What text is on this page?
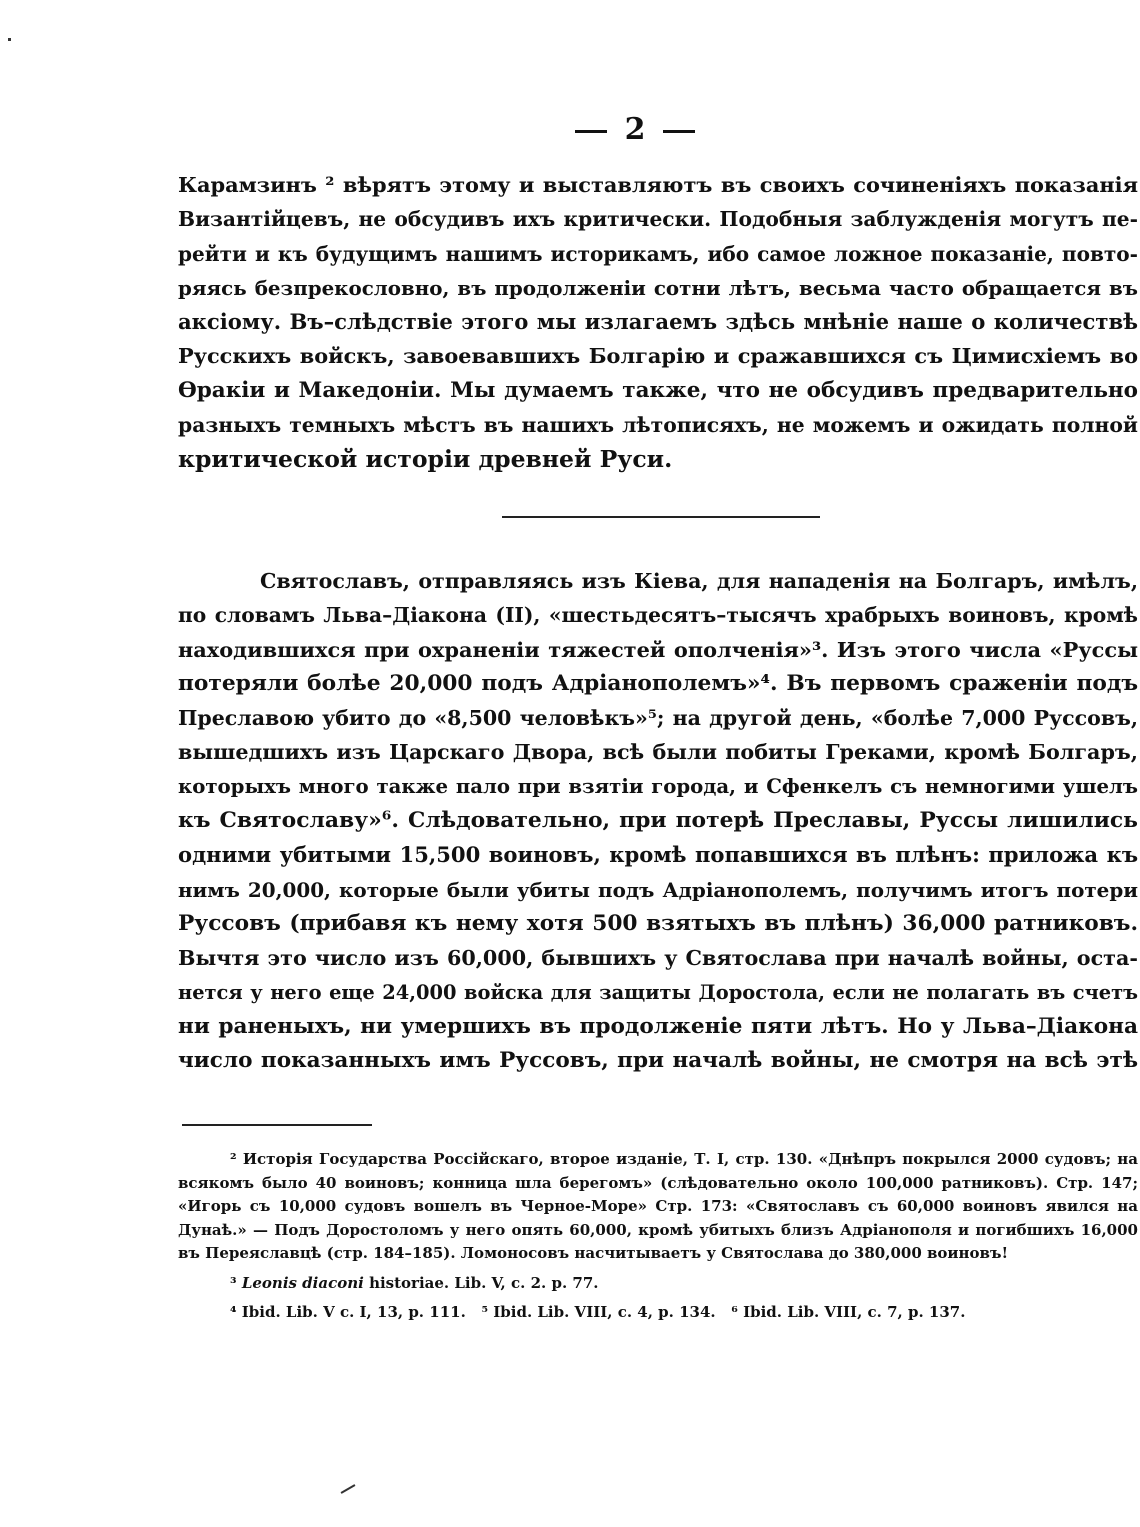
2
Карамзинъ ² вѣрятъ этому и выставляютъ въ своихъ сочиненіяхъ показанія
Византійцевъ, не обсудивъ ихъ критически. Подобныя заблужденія могутъ пе-
рейти и къ будущимъ нашимъ историкамъ, ибо самое ложное показаніе, повто-
ряясь безпрекословно, въ продолженіи сотни лѣтъ, весьма часто обращается въ
аксіому. Въ–слѣдствіе этого мы излагаемъ здѣсь мнѣніе наше о количествѣ
Русскихъ войскъ, завоевавшихъ Болгарію и сражавшихся съ Цимисхіемъ во
Ѳракіи и Македоніи. Мы думаемъ также, что не обсудивъ предварительно
разныхъ темныхъ мѣстъ въ нашихъ лѣтописяхъ, не можемъ и ожидать полной
критической исторіи древней Руси.
Святославъ, отправляясь изъ Кіева, для нападенія на Болгаръ, имѣлъ,
по словамъ Льва–Діакона (II), «шестьдесятъ–тысячъ храбрыхъ воиновъ, кромѣ
находившихся при охраненіи тяжестей ополченія»³. Изъ этого числа «Руссы
потеряли болѣе 20,000 подъ Адріанополемъ»⁴. Въ первомъ сраженіи подъ
Преславою убито до «8,500 человѣкъ»⁵; на другой день, «болѣе 7,000 Руссовъ,
вышедшихъ изъ Царскаго Двора, всѣ были побиты Греками, кромѣ Болгаръ,
которыхъ много также пало при взятіи города, и Сфенкелъ съ немногими ушелъ
къ Святославу»⁶. Слѣдовательно, при потерѣ Преславы, Руссы лишились
одними убитыми 15,500 воиновъ, кромѣ попавшихся въ плѣнъ: приложа къ
нимъ 20,000, которые были убиты подъ Адріанополемъ, получимъ итогъ потери
Руссовъ (прибавя къ нему хотя 500 взятыхъ въ плѣнъ) 36,000 ратниковъ.
Вычтя это число изъ 60,000, бывшихъ у Святослава при началѣ войны, оста-
нется у него еще 24,000 войска для защиты Доростола, если не полагать въ счетъ
ни раненыхъ, ни умершихъ въ продолженіе пяти лѣтъ. Но у Льва–Діакона
число показанныхъ имъ Руссовъ, при началѣ войны, не смотря на всѣ этѣ
² Исторія Государства Россійскаго, второе изданіе, Т. I, стр. 130. «Днѣпръ покрылся 2000 судовъ; на
всякомъ было 40 воиновъ; конница шла берегомъ» (слѣдовательно около 100,000 ратниковъ). Стр. 147;
«Игорь съ 10,000 судовъ вошелъ въ Черное-Море» Стр. 173: «Святославъ съ 60,000 воиновъ явился на
Дунаѣ.» — Подъ Доростоломъ у него опять 60,000, кромѣ убитыхъ близъ Адріанополя и погибшихъ 16,000
въ Переяславцѣ (стр. 184–185). Ломоносовъ насчитываетъ у Святослава до 380,000 воиновъ!
³ Leonis diaconi historiae. Lib. V, c. 2. p. 77.
⁴ Ibid. Lib. V c. I, 13, p. 111.   ⁵ Ibid. Lib. VIII, c. 4, p. 134.   ⁶ Ibid. Lib. VIII, c. 7, p. 137.
